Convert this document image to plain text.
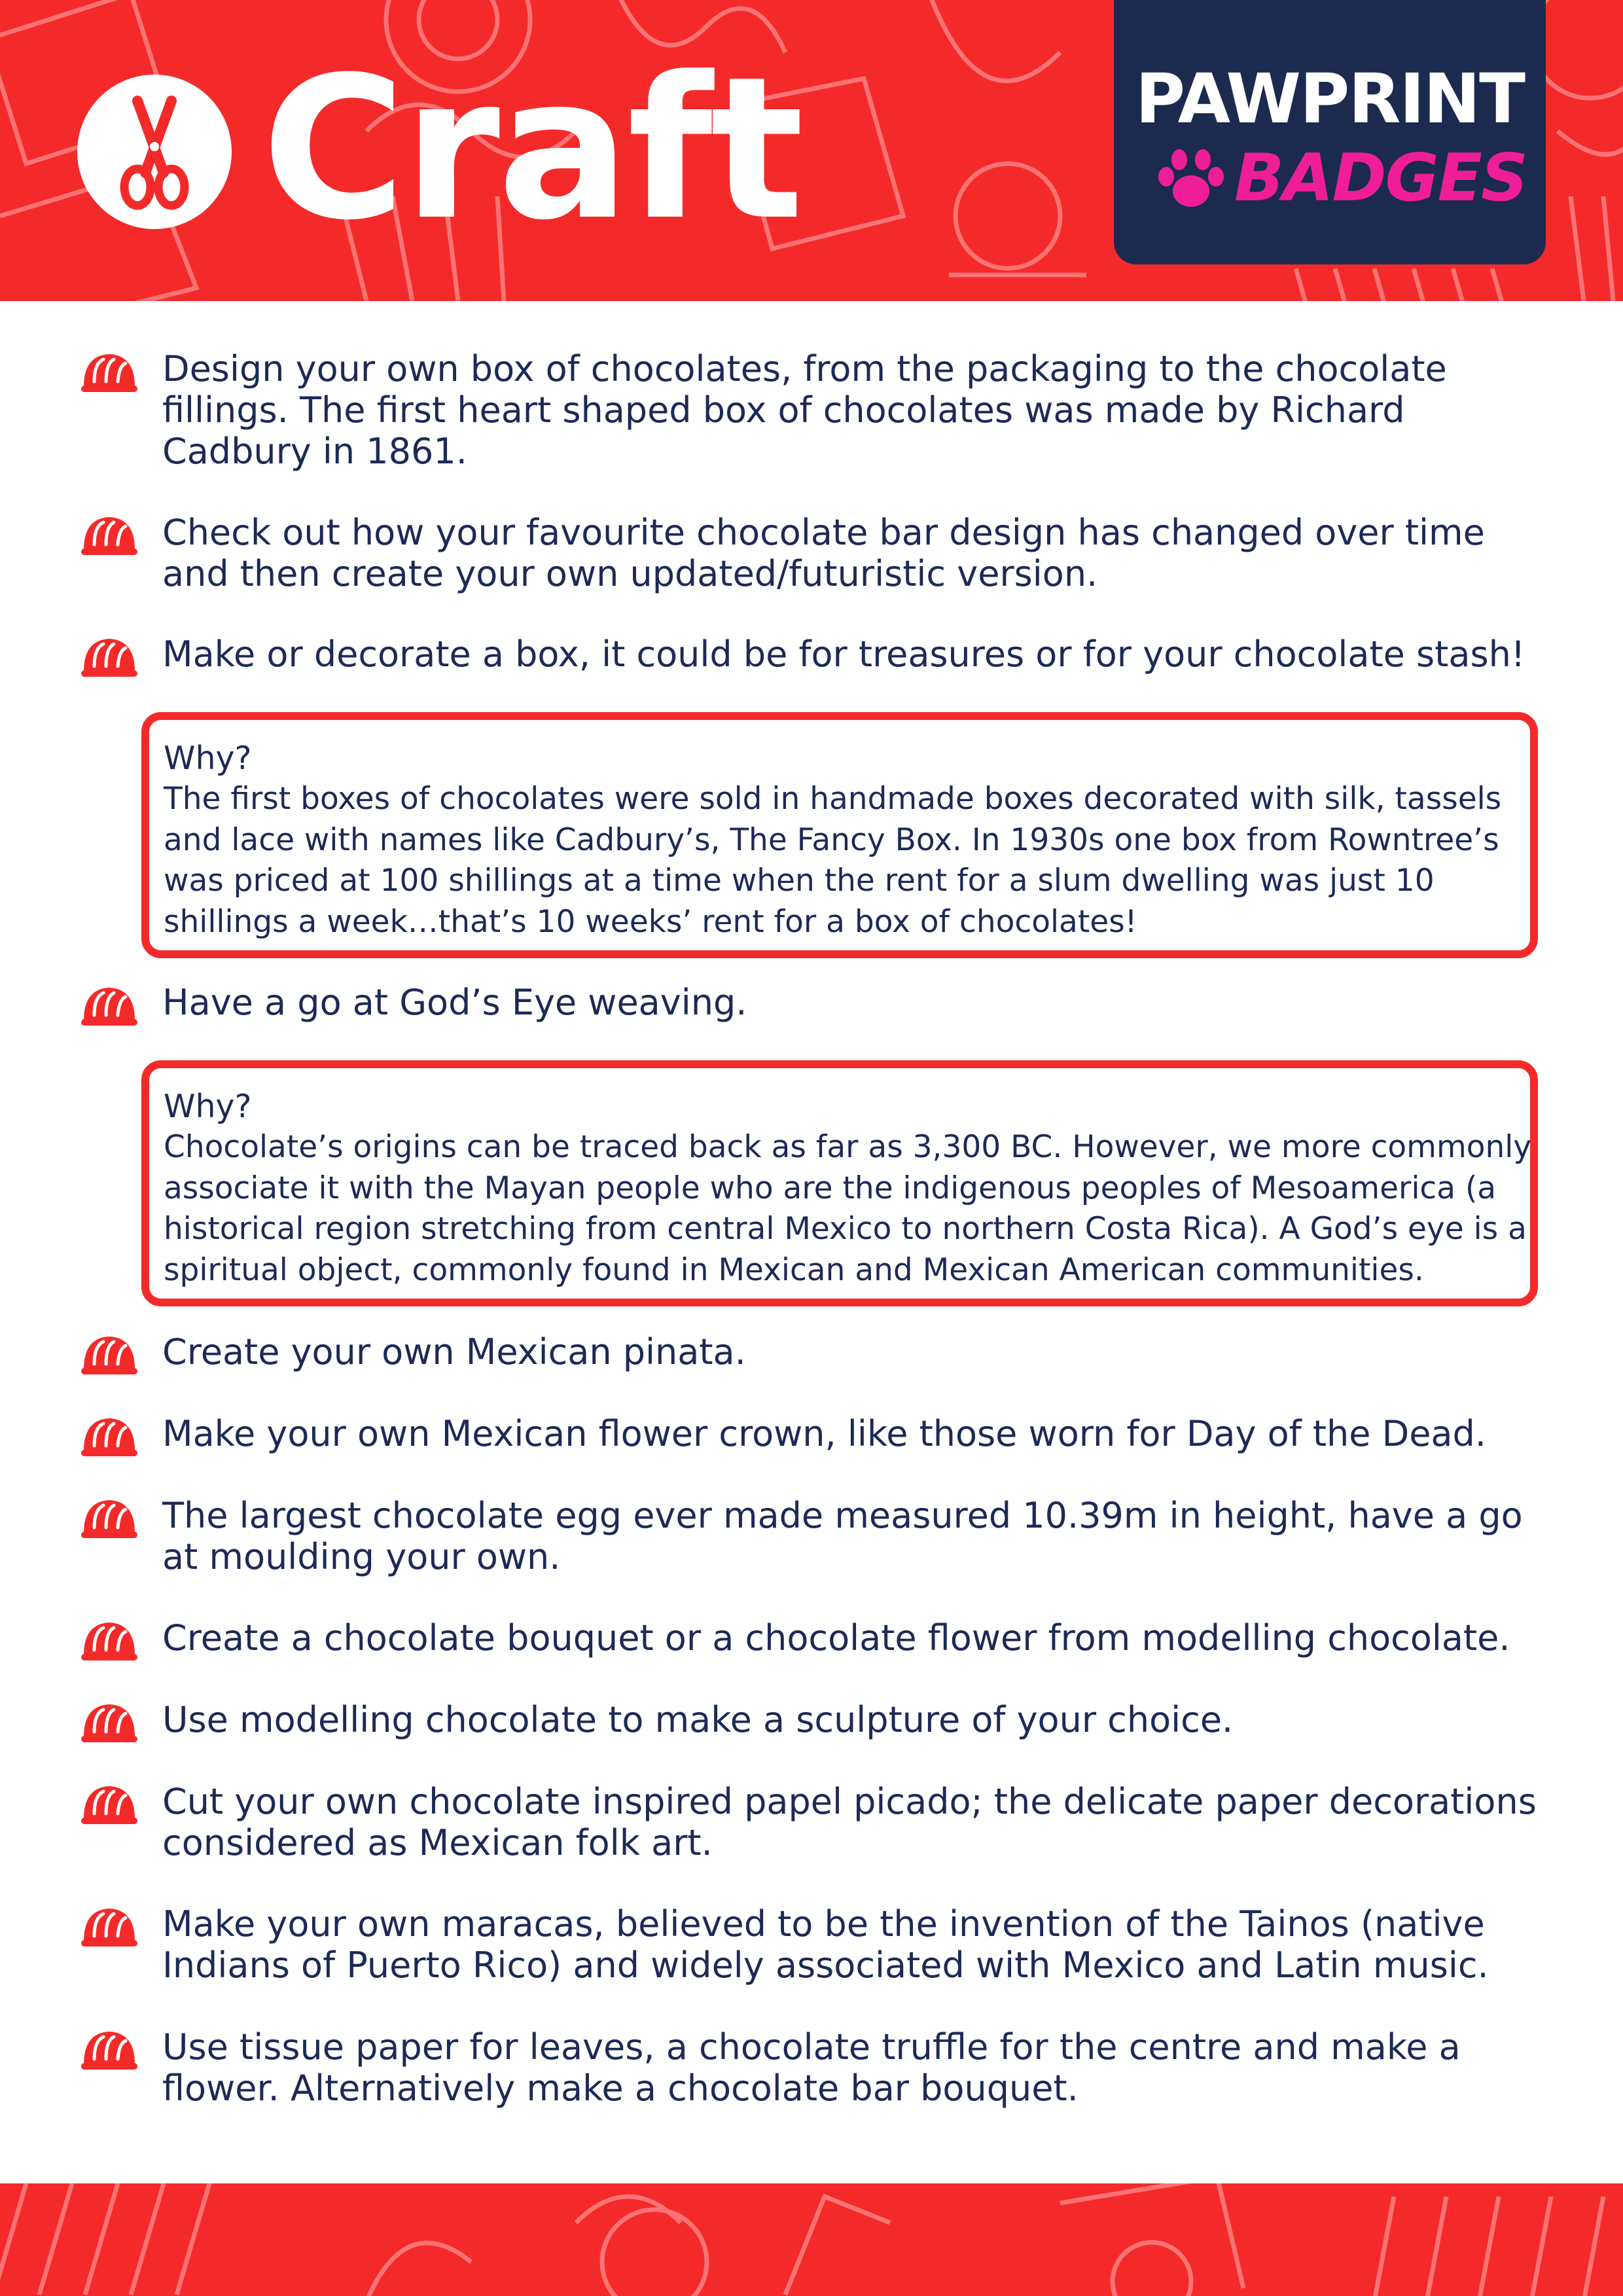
Craft	PAWPRINT
BADGES
Design your own box of chocolates, from the packaging to the chocolate fillings. The first heart shaped box of chocolates was made by Richard Cadbury in 1861.
Check out how your favourite chocolate bar design has changed over time and then create your own updated/futuristic version.
Make or decorate a box, it could be for treasures or for your chocolate stash!
Why?
The first boxes of chocolates were sold in handmade boxes decorated with silk, tassels and lace with names like Cadbury’s, The Fancy Box. In 1930s one box from Rowntree’s was priced at 100 shillings at a time when the rent for a slum dwelling was just 10 shillings a week…that’s 10 weeks’ rent for a box of chocolates!
Have a go at God’s Eye weaving.
Why?
Chocolate’s origins can be traced back as far as 3,300 BC. However, we more commonly associate it with the Mayan people who are the indigenous peoples of Mesoamerica (a historical region stretching from central Mexico to northern Costa Rica). A God’s eye is a spiritual object, commonly found in Mexican and Mexican American communities.
Create your own Mexican pinata.
Make your own Mexican flower crown, like those worn for Day of the Dead.
The largest chocolate egg ever made measured 10.39m in height, have a go at moulding your own.
Create a chocolate bouquet or a chocolate flower from modelling chocolate.
Use modelling chocolate to make a sculpture of your choice.
Cut your own chocolate inspired papel picado; the delicate paper decorations considered as Mexican folk art.
Make your own maracas, believed to be the invention of the Tainos (native Indians of Puerto Rico) and widely associated with Mexico and Latin music.
Use tissue paper for leaves, a chocolate truffle for the centre and make a flower. Alternatively make a chocolate bar bouquet.
